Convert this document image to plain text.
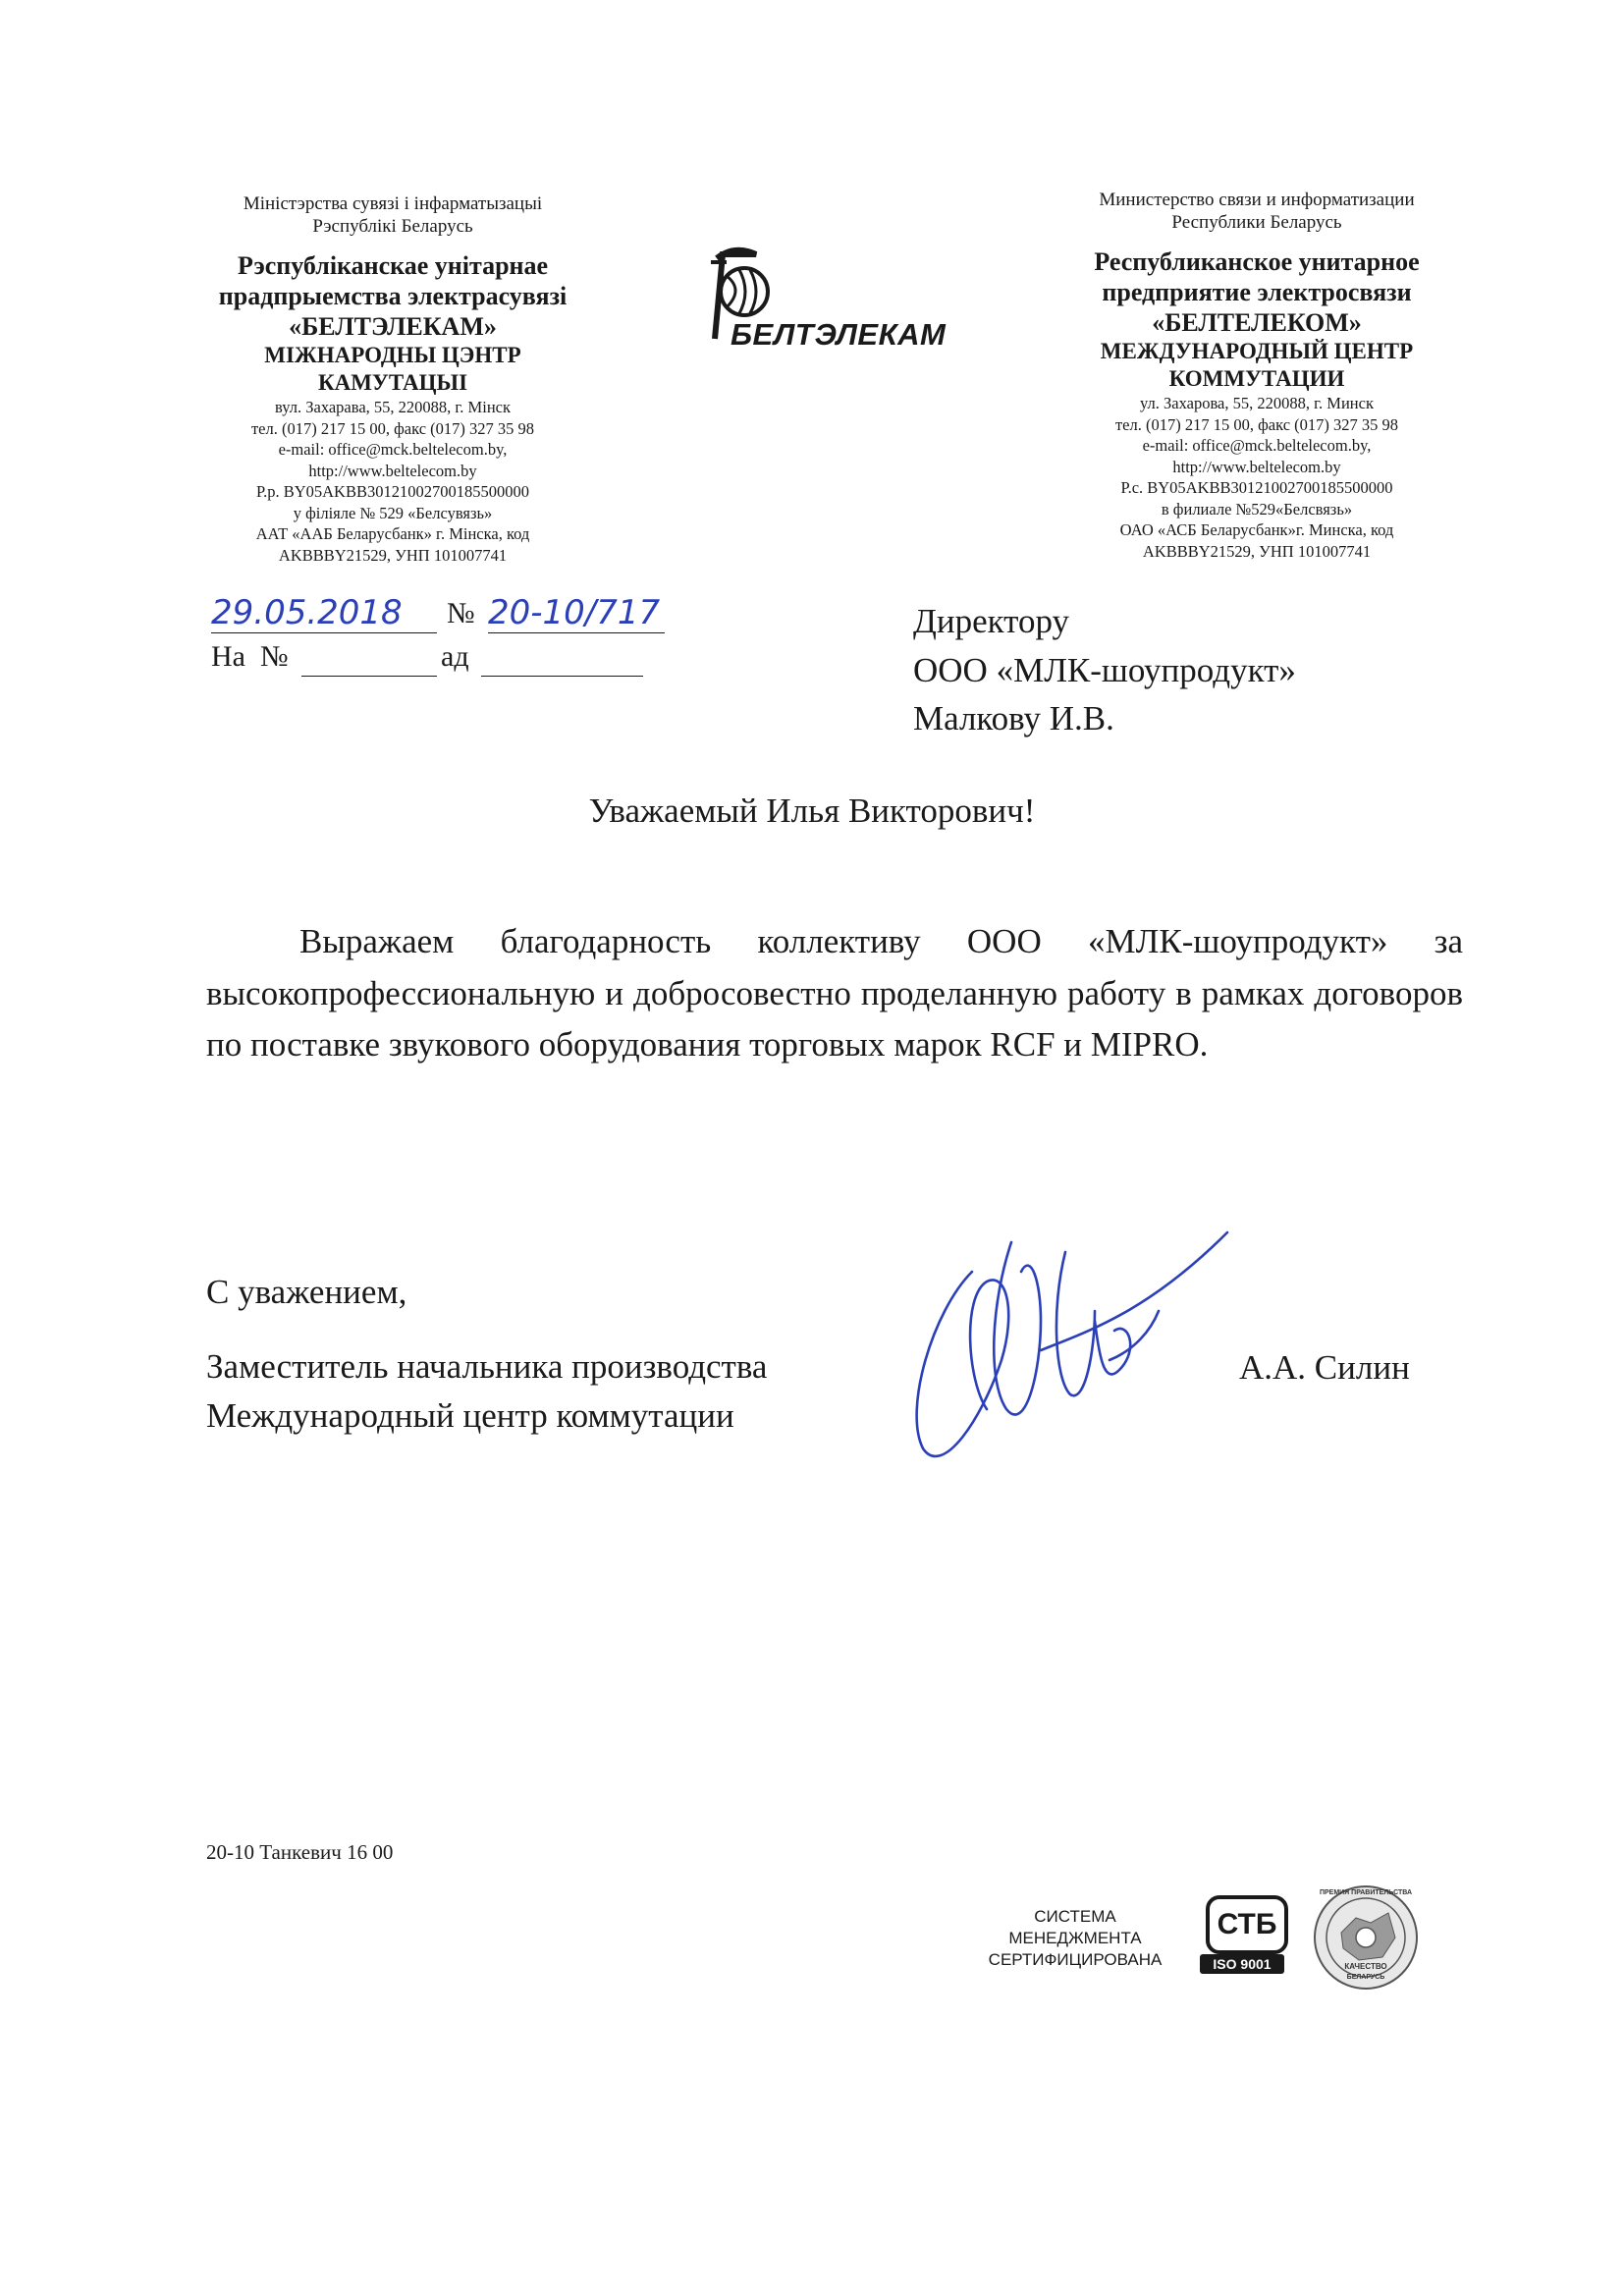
Міністэрства сувязі і інфарматызацыі
Рэспублікі Беларусь
Рэспубліканскае унітарнае
прадпрыемства электрасувязі
«БЕЛТЭЛЕКАМ»
МІЖНАРОДНЫ ЦЭНТР
КАМУТАЦЫІ
вул. Захарава, 55, 220088, г. Мінск
тел. (017) 217 15 00, факс (017) 327 35 98
e-mail: office@mck.beltelecom.by,
http://www.beltelecom.by
Р.р. BY05AKBB30121002700185500000
у філіяле № 529 «Белсувязь»
ААТ «ААБ Беларусбанк» г. Мінска, код
AKBBBY21529, УНП 101007741
БЕЛТЭЛЕКАМ
Министерство связи и информатизации
Республики Беларусь
Республиканское унитарное
предприятие электросвязи
«БЕЛТЕЛЕКОМ»
МЕЖДУНАРОДНЫЙ ЦЕНТР
КОММУТАЦИИ
ул. Захарова, 55, 220088, г. Минск
тел. (017) 217 15 00, факс (017) 327 35 98
e-mail: office@mck.beltelecom.by,
http://www.beltelecom.by
Р.с. BY05AKBB30121002700185500000
в филиале №529«Белсвязь»
ОАО «АСБ Беларусбанк»г. Минска, код
AKBBBY21529, УНП 101007741
29.05.2018 № 20-10/717
На  №	ад
Директору
ООО «МЛК-шоупродукт»
Малкову И.В.
Уважаемый Илья Викторович!
Выражаем благодарность коллективу ООО «МЛК-шоупродукт» за высокопрофессиональную и добросовестно проделанную работу в рамках договоров по поставке звукового оборудования торговых марок RCF и MIPRO.
С уважением,
Заместитель начальника производства
Международный центр коммутации
А.А. Силин
20-10 Танкевич 16 00
СИСТЕМА
МЕНЕДЖМЕНТА
СЕРТИФИЦИРОВАНА
СТБ
ISO 9001
ПРЕМИЯ ПРАВИТЕЛЬСТВА
КАЧЕСТВО
БЕЛАРУСЬ
